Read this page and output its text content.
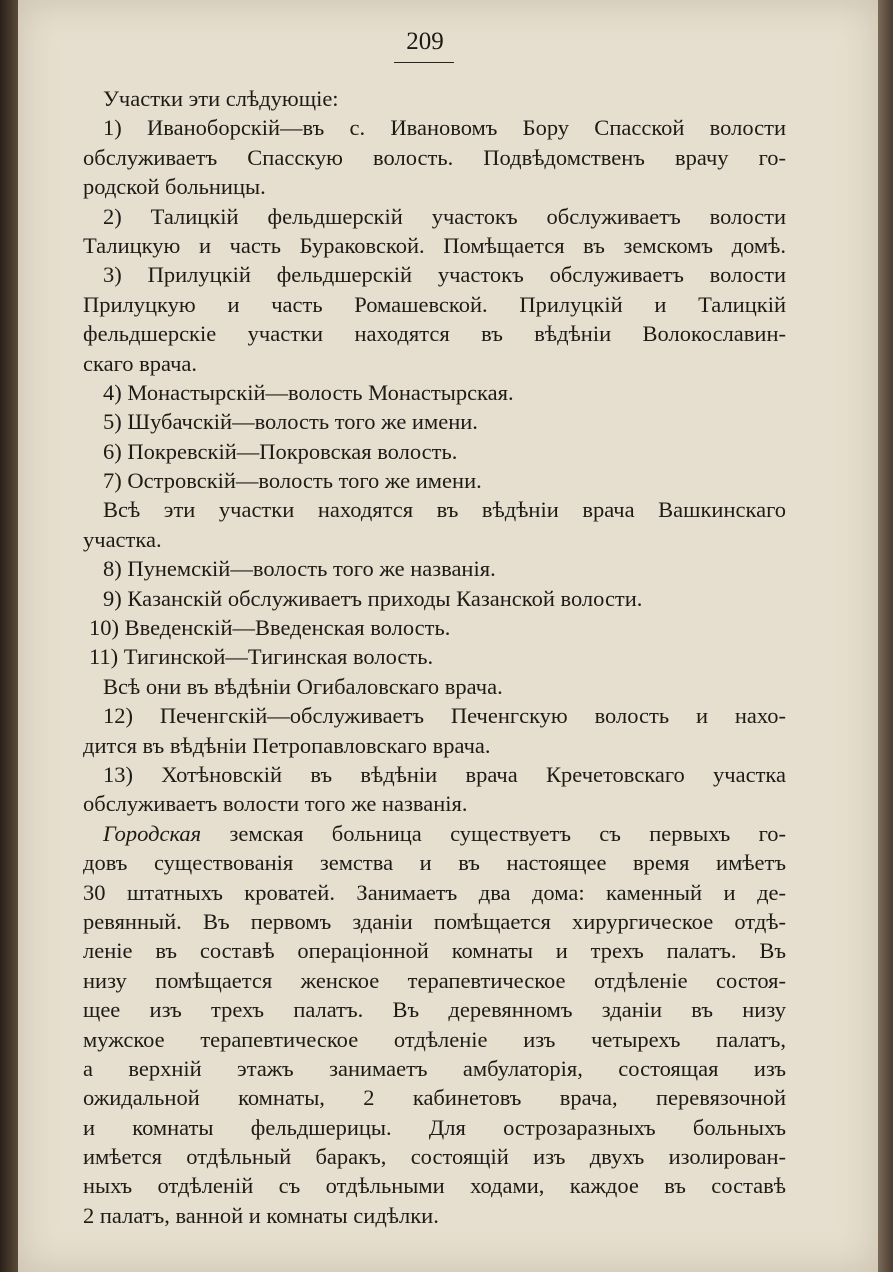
209
Участки эти слѣдующіе:
1) Иваноборскій—въ с. Ивановомъ Бору Спасской волости
обслуживаетъ Спасскую волость. Подвѣдомственъ врачу го-
родской больницы.
2) Талицкій фельдшерскій участокъ обслуживаетъ волости
Талицкую и часть Бураковской. Помѣщается въ земскомъ домѣ.
3) Прилуцкій фельдшерскій участокъ обслуживаетъ волости
Прилуцкую и часть Ромашевской. Прилуцкій и Талицкій
фельдшерскіе участки находятся въ вѣдѣніи Волокославин-
скаго врача.
4) Монастырскій—волость Монастырская.
5) Шубачскій—волость того же имени.
6) Покревскій—Покровская волость.
7) Островскій—волость того же имени.
Всѣ эти участки находятся въ вѣдѣніи врача Вашкинскаго
участка.
8) Пунемскій—волость того же названія.
9) Казанскій обслуживаетъ приходы Казанской волости.
10) Введенскій—Введенская волость.
11) Тигинской—Тигинская волость.
Всѣ они въ вѣдѣніи Огибаловскаго врача.
12) Печенгскій—обслуживаетъ Печенгскую волость и нахо-
дится въ вѣдѣніи Петропавловскаго врача.
13) Хотѣновскій въ вѣдѣніи врача Кречетовскаго участка
обслуживаетъ волости того же названія.
Городская земская больница существуетъ съ первыхъ го-
довъ существованія земства и въ настоящее время имѣетъ
30 штатныхъ кроватей. Занимаетъ два дома: каменный и де-
ревянный. Въ первомъ зданіи помѣщается хирургическое отдѣ-
леніе въ составѣ операціонной комнаты и трехъ палатъ. Въ
низу помѣщается женское терапевтическое отдѣленіе состоя-
щее изъ трехъ палатъ. Въ деревянномъ зданіи въ низу
мужское терапевтическое отдѣленіе изъ четырехъ палатъ,
а верхній этажъ занимаетъ амбулаторія, состоящая изъ
ожидальной комнаты, 2 кабинетовъ врача, перевязочной
и комнаты фельдшерицы. Для острозаразныхъ больныхъ
имѣется отдѣльный баракъ, состоящій изъ двухъ изолирован-
ныхъ отдѣленій съ отдѣльными ходами, каждое въ составѣ
2 палатъ, ванной и комнаты сидѣлки.
